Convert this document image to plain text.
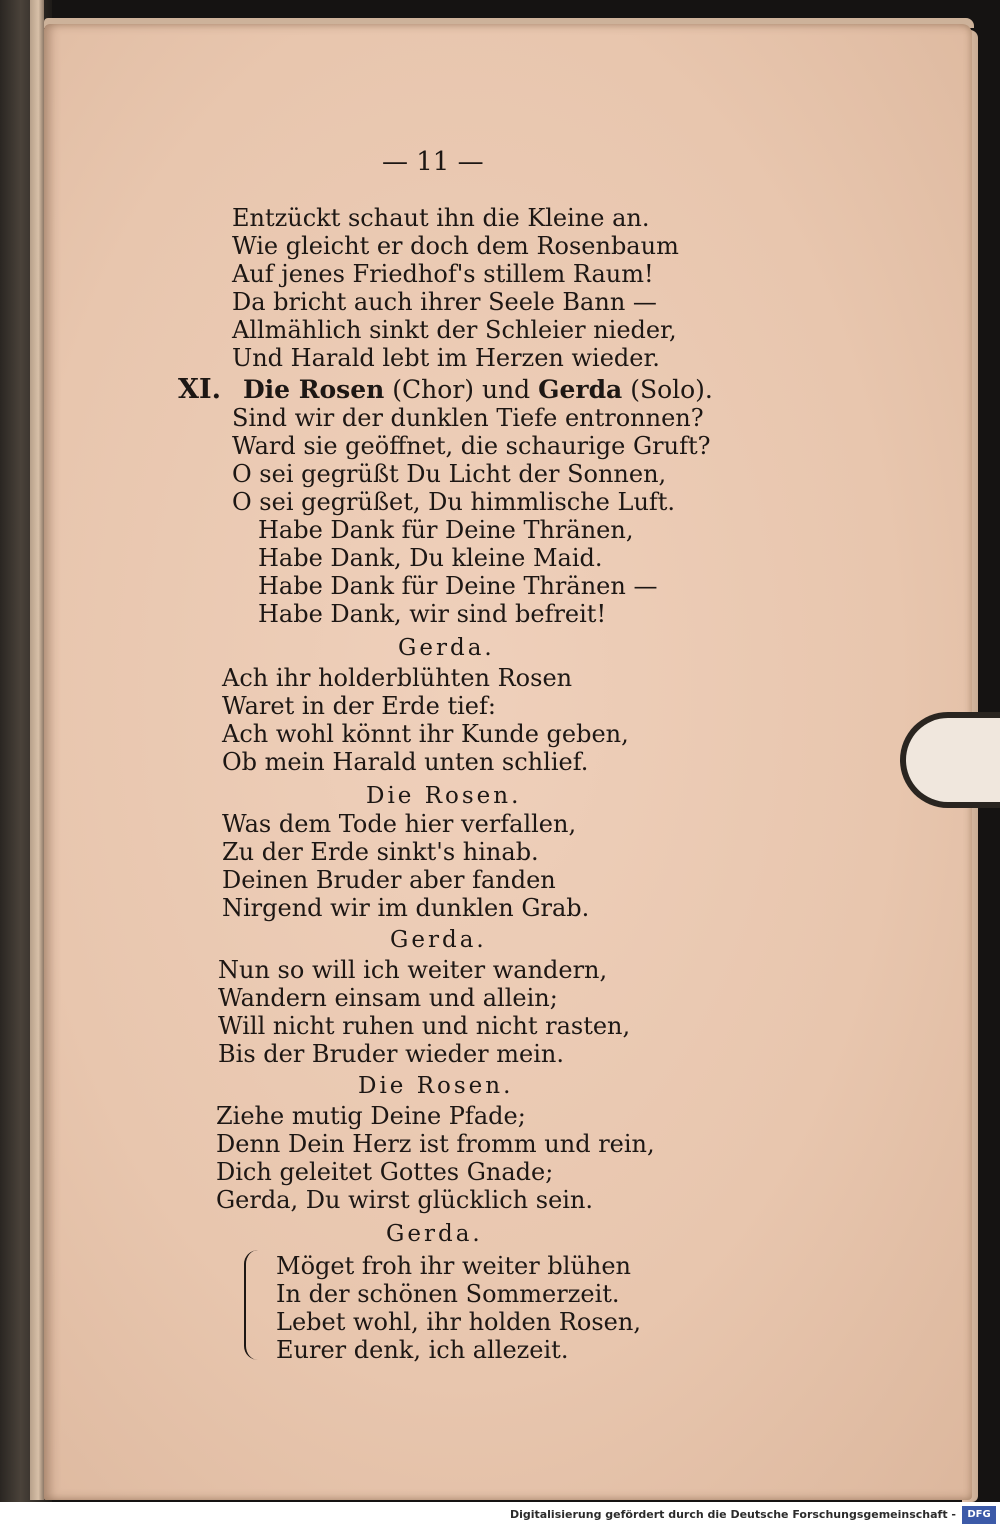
— 11 —
Entzückt schaut ihn die Kleine an.
Wie gleicht er doch dem Rosenbaum
Auf jenes Friedhof's stillem Raum!
Da bricht auch ihrer Seele Bann —
Allmählich sinkt der Schleier nieder,
Und Harald lebt im Herzen wieder.
XI. Die Rosen (Chor) und Gerda (Solo).
Sind wir der dunklen Tiefe entronnen?
Ward sie geöffnet, die schaurige Gruft?
O sei gegrüßt Du Licht der Sonnen,
O sei gegrüßet, Du himmlische Luft.
Habe Dank für Deine Thränen,
Habe Dank, Du kleine Maid.
Habe Dank für Deine Thränen —
Habe Dank, wir sind befreit!
Gerda.
Ach ihr holderblühten Rosen
Waret in der Erde tief:
Ach wohl könnt ihr Kunde geben,
Ob mein Harald unten schlief.
Die Rosen.
Was dem Tode hier verfallen,
Zu der Erde sinkt's hinab.
Deinen Bruder aber fanden
Nirgend wir im dunklen Grab.
Gerda.
Nun so will ich weiter wandern,
Wandern einsam und allein;
Will nicht ruhen und nicht rasten,
Bis der Bruder wieder mein.
Die Rosen.
Ziehe mutig Deine Pfade;
Denn Dein Herz ist fromm und rein,
Dich geleitet Gottes Gnade;
Gerda, Du wirst glücklich sein.
Gerda.
Möget froh ihr weiter blühen
In der schönen Sommerzeit.
Lebet wohl, ihr holden Rosen,
Eurer denk, ich allezeit.
Digitalisierung gefördert durch die Deutsche Forschungsgemeinschaft -	DFG
